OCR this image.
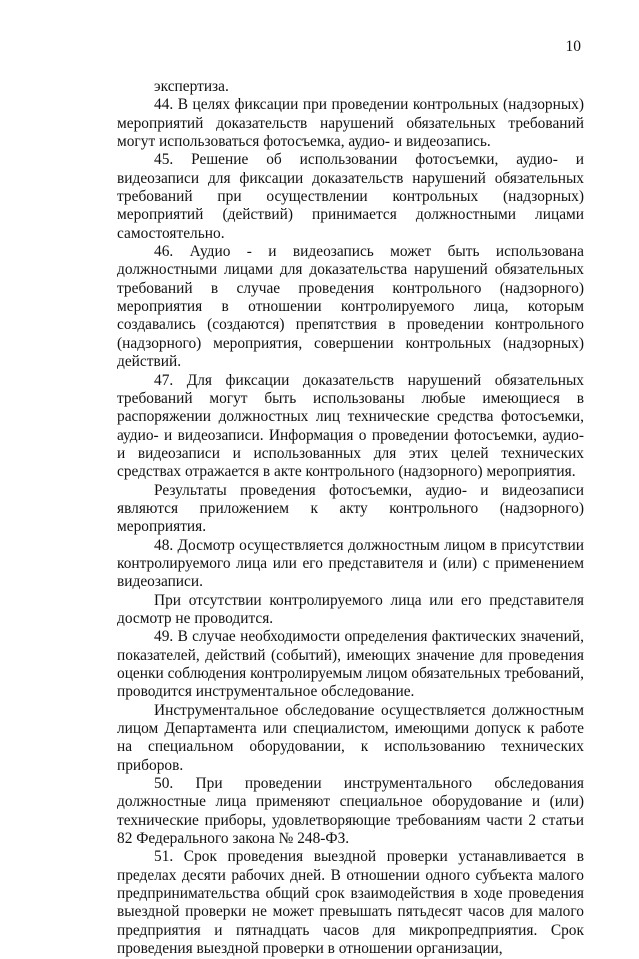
10

экспертиза.

44. В целях фиксации при проведении контрольных (надзорных) мероприятий доказательств нарушений обязательных требований могут использоваться фотосъемка, аудио- и видеозапись.

45. Решение об использовании фотосъемки, аудио- и видеозаписи для фиксации доказательств нарушений обязательных требований при осуществлении контрольных (надзорных) мероприятий (действий) принимается должностными лицами самостоятельно.

46. Аудио - и видеозапись может быть использована должностными лицами для доказательства нарушений обязательных требований в случае проведения контрольного (надзорного) мероприятия в отношении контролируемого лица, которым создавались (создаются) препятствия в проведении контрольного (надзорного) мероприятия, совершении контрольных (надзорных) действий.

47. Для фиксации доказательств нарушений обязательных требований могут быть использованы любые имеющиеся в распоряжении должностных лиц технические средства фотосъемки, аудио- и видеозаписи. Информация о проведении фотосъемки, аудио- и видеозаписи и использованных для этих целей технических средствах отражается в акте контрольного (надзорного) мероприятия.

Результаты проведения фотосъемки, аудио- и видеозаписи являются приложением к акту контрольного (надзорного) мероприятия.

48. Досмотр осуществляется должностным лицом в присутствии контролируемого лица или его представителя и (или) с применением видеозаписи.

При отсутствии контролируемого лица или его представителя досмотр не проводится.

49. В случае необходимости определения фактических значений, показателей, действий (событий), имеющих значение для проведения оценки соблюдения контролируемым лицом обязательных требований, проводится инструментальное обследование.

Инструментальное обследование осуществляется должностным лицом Департамента или специалистом, имеющими допуск к работе на специальном оборудовании, к использованию технических приборов.

50. При проведении инструментального обследования должностные лица применяют специальное оборудование и (или) технические приборы, удовлетворяющие требованиям части 2 статьи 82 Федерального закона № 248-ФЗ.

51. Срок проведения выездной проверки устанавливается в пределах десяти рабочих дней. В отношении одного субъекта малого предпринимательства общий срок взаимодействия в ходе проведения выездной проверки не может превышать пятьдесят часов для малого предприятия и пятнадцать часов для микропредприятия. Срок проведения выездной проверки в отношении организации,
